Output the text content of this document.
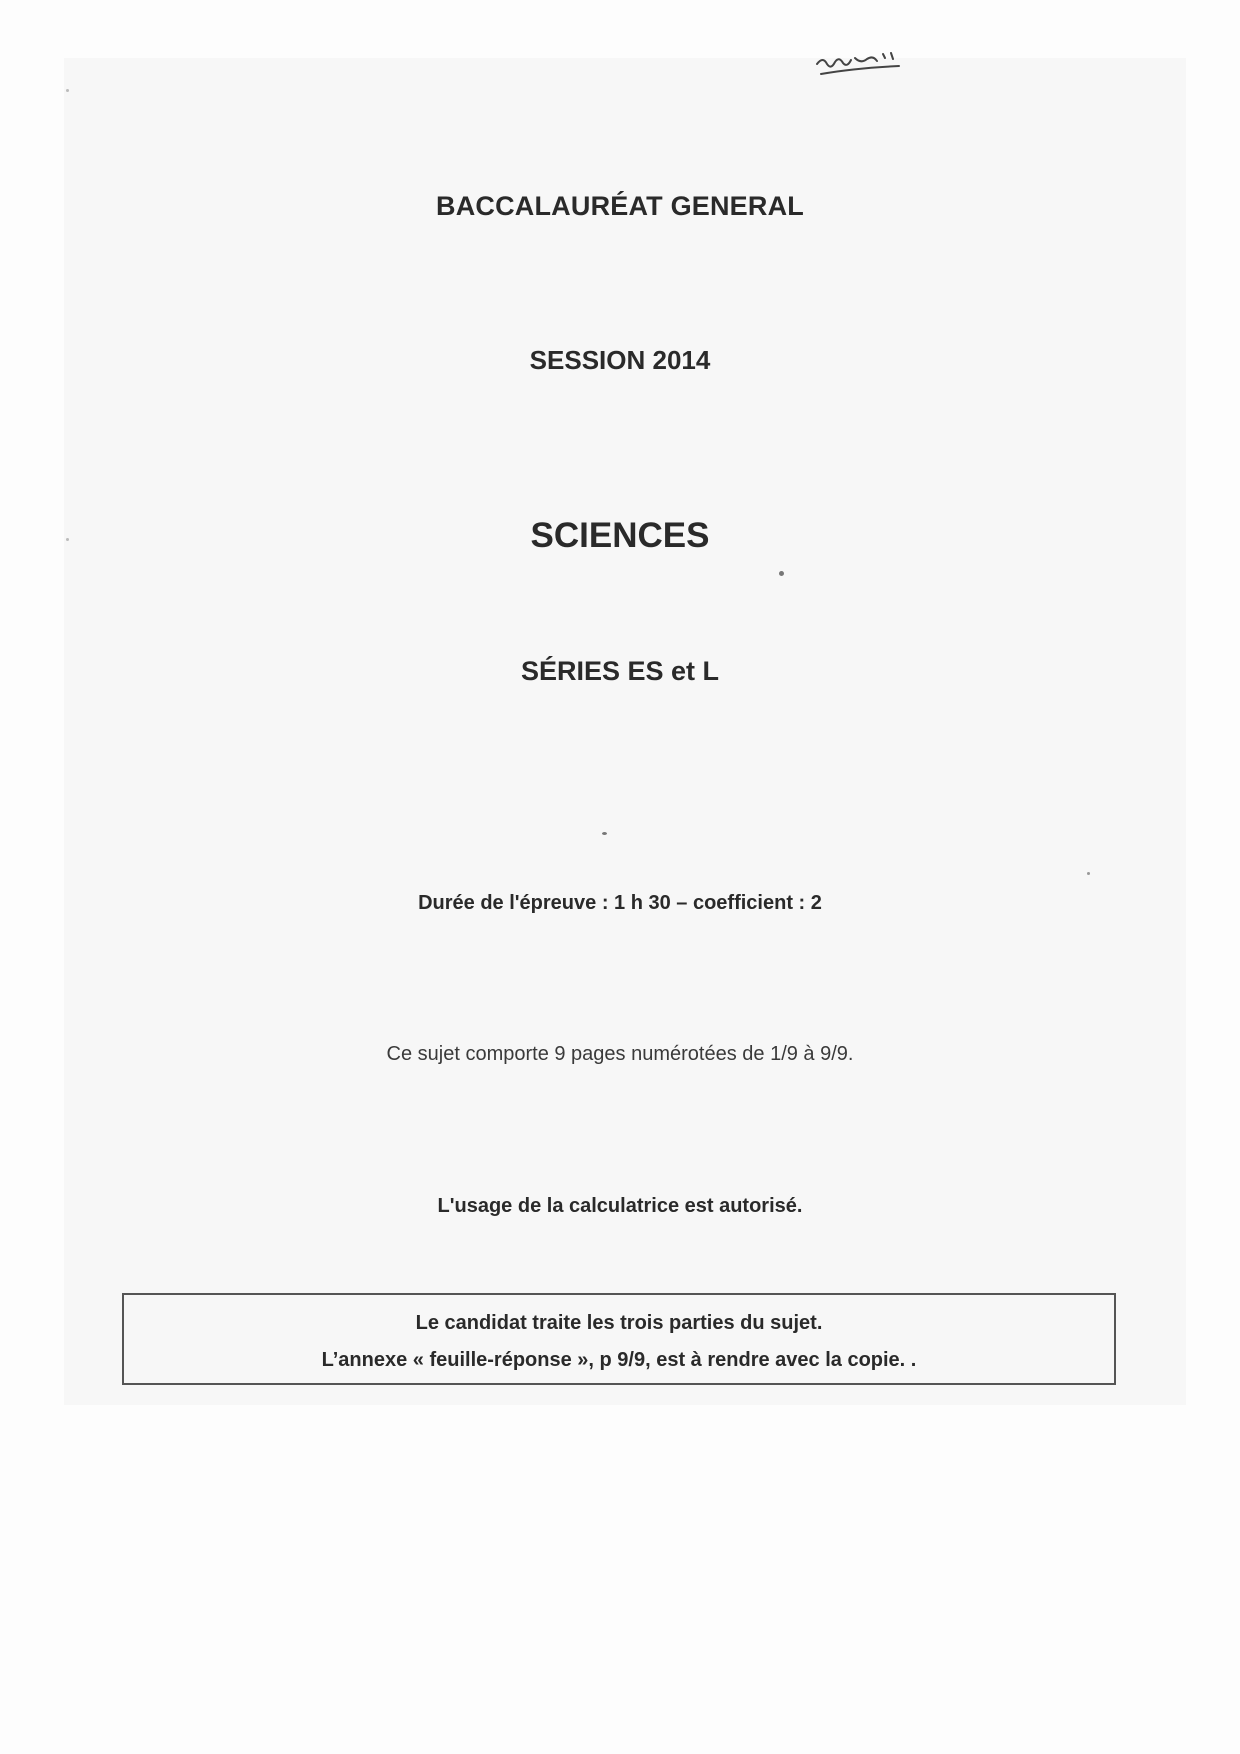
BACCALAURÉAT GENERAL
SESSION 2014
SCIENCES
SÉRIES ES et L

Durée de l'épreuve : 1 h 30 – coefficient : 2

Ce sujet comporte 9 pages numérotées de 1/9 à 9/9.

L'usage de la calculatrice est autorisé.

Le candidat traite les trois parties du sujet.

L’annexe « feuille-réponse », p 9/9, est à rendre avec la copie. .
